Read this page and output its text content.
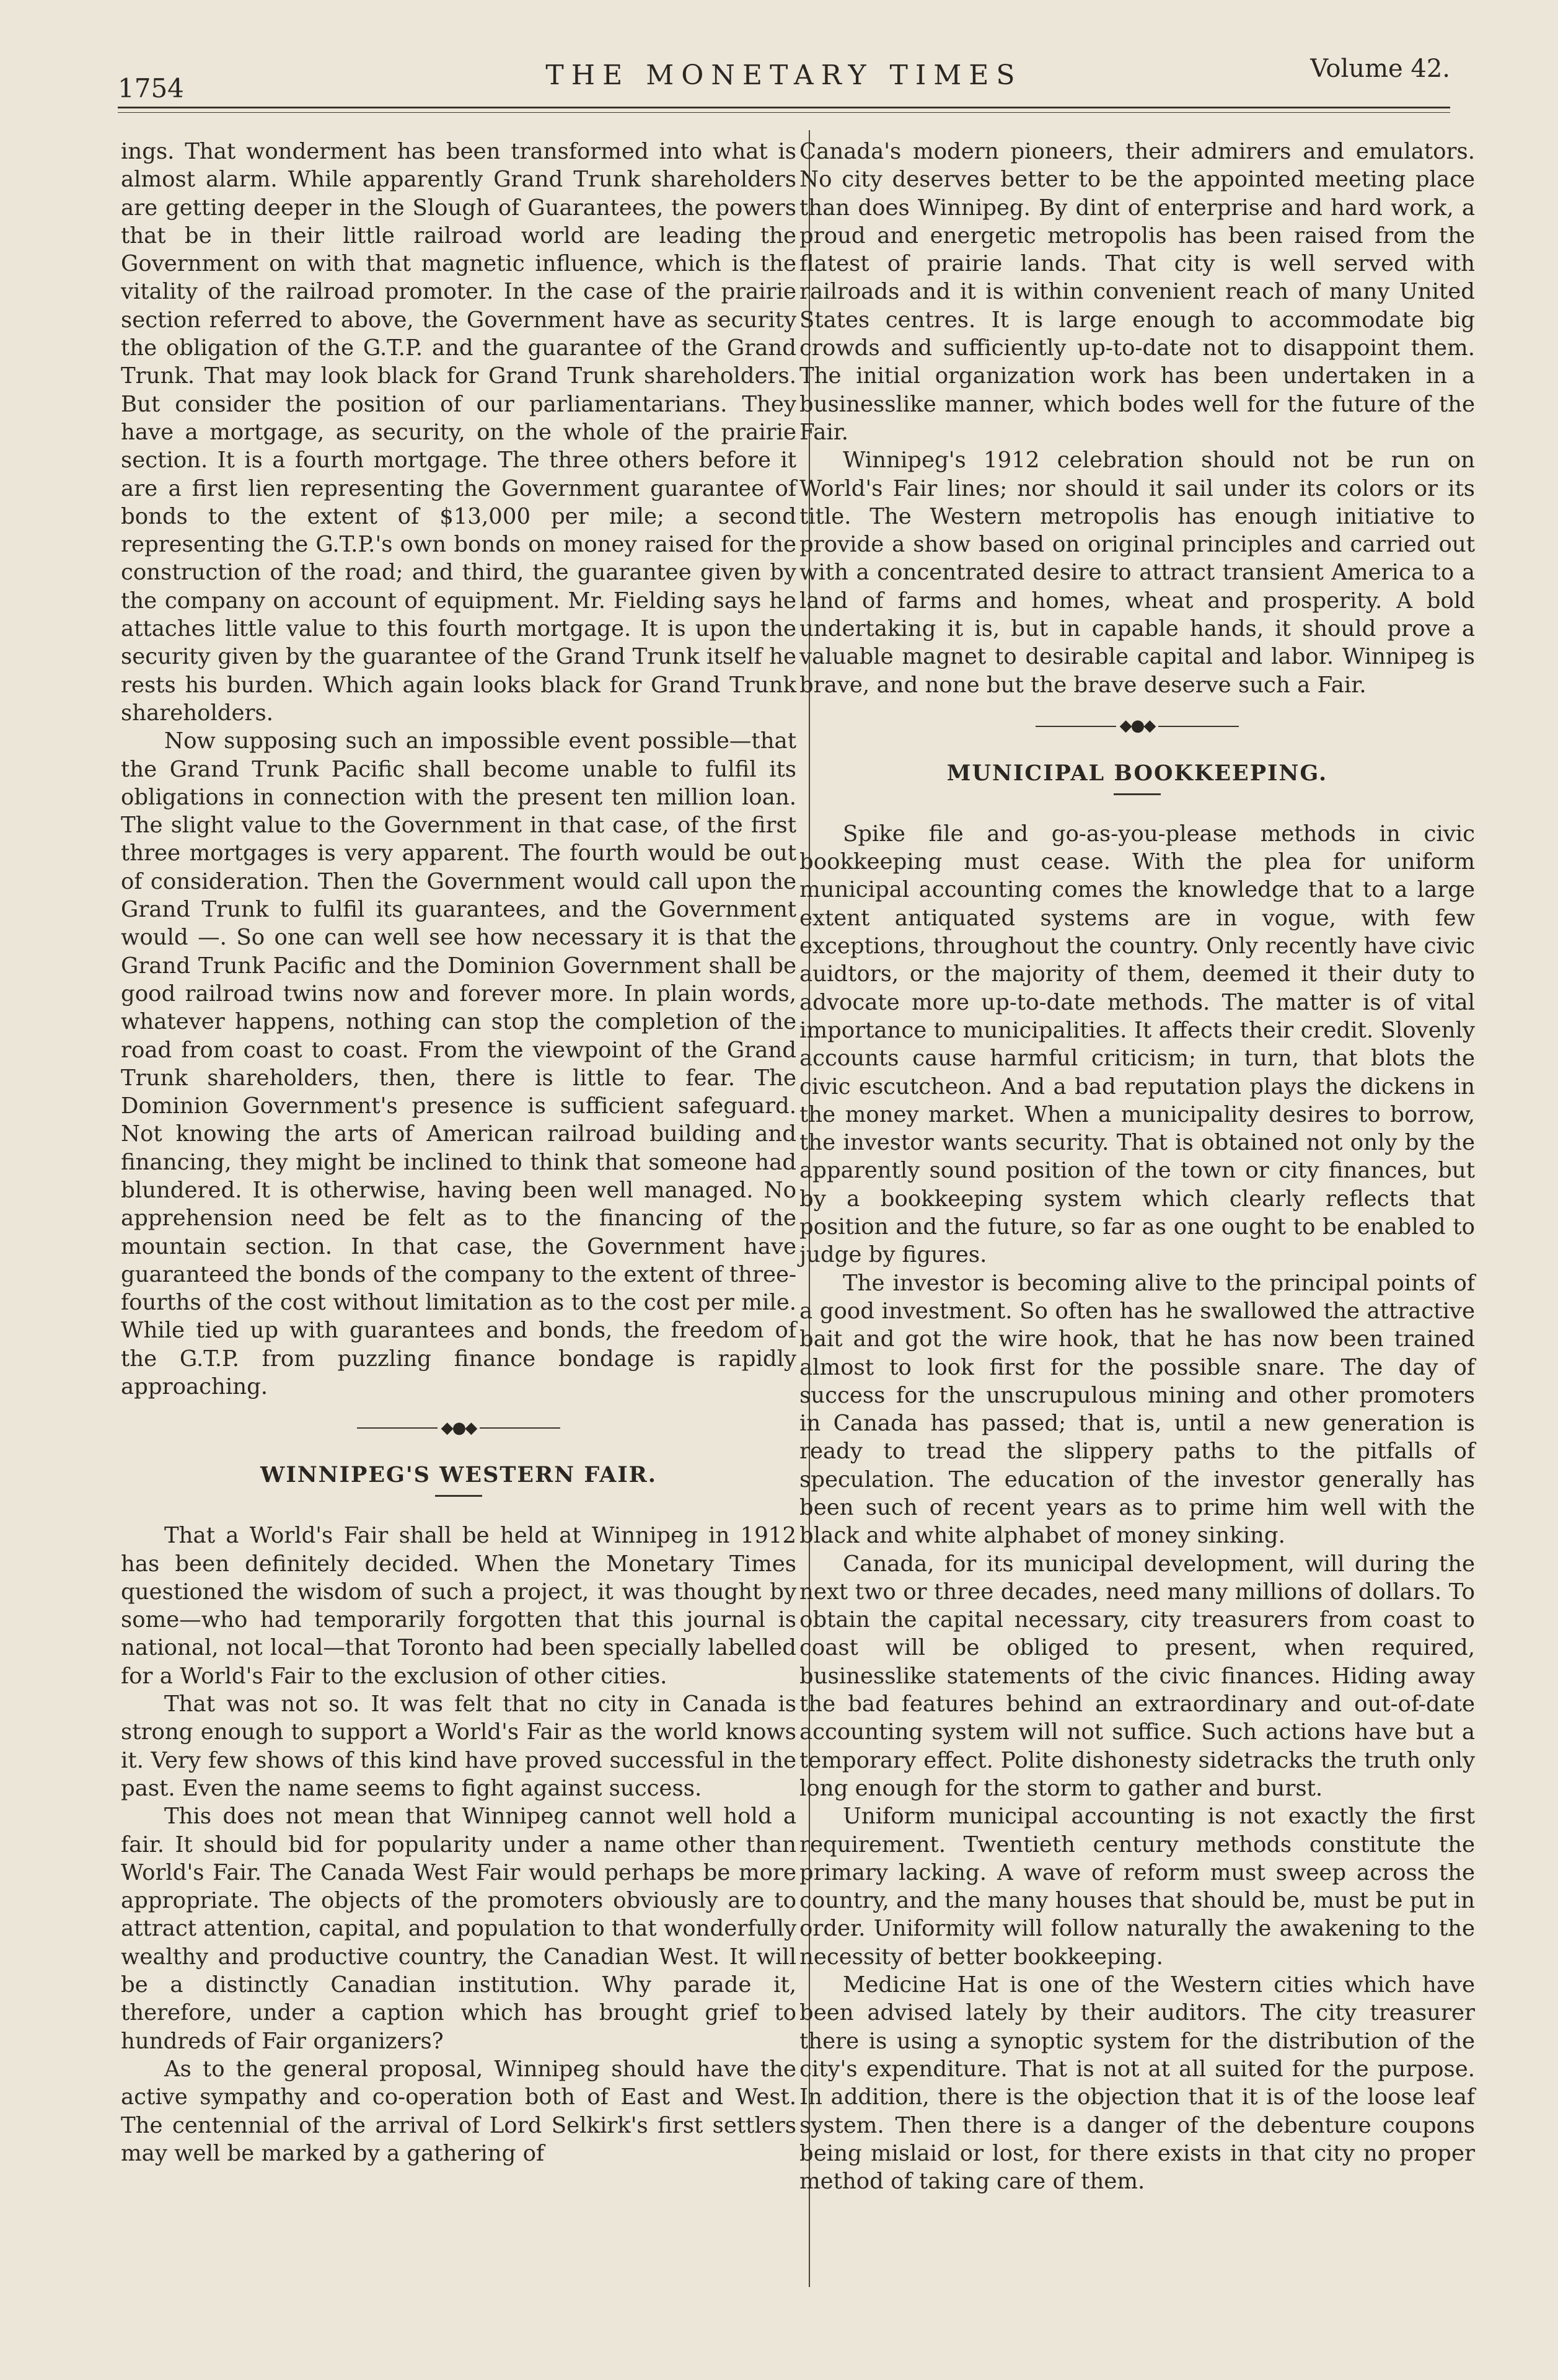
1754	THE MONETARY TIMES	Volume 42.

ings. That wonderment has been transformed into what is almost alarm. While apparently Grand Trunk shareholders are getting deeper in the Slough of Guarantees, the powers that be in their little railroad world are leading the Government on with that magnetic influence, which is the vitality of the railroad promoter. In the case of the prairie section referred to above, the Government have as security the obligation of the G.T.P. and the guarantee of the Grand Trunk. That may look black for Grand Trunk shareholders. But consider the position of our parliamentarians. They have a mortgage, as security, on the whole of the prairie section. It is a fourth mortgage. The three others before it are a first lien representing the Government guarantee of bonds to the extent of $13,000 per mile; a second representing the G.T.P.'s own bonds on money raised for the construction of the road; and third, the guarantee given by the company on account of equipment. Mr. Fielding says he attaches little value to this fourth mortgage. It is upon the security given by the guarantee of the Grand Trunk itself he rests his burden. Which again looks black for Grand Trunk shareholders.

Now supposing such an impossible event possible—that the Grand Trunk Pacific shall become unable to fulfil its obligations in connection with the present ten million loan. The slight value to the Government in that case, of the first three mortgages is very apparent. The fourth would be out of consideration. Then the Government would call upon the Grand Trunk to fulfil its guarantees, and the Government would —. So one can well see how necessary it is that the Grand Trunk Pacific and the Dominion Government shall be good railroad twins now and forever more. In plain words, whatever happens, nothing can stop the completion of the road from coast to coast. From the viewpoint of the Grand Trunk shareholders, then, there is little to fear. The Dominion Government's presence is sufficient safeguard. Not knowing the arts of American railroad building and financing, they might be inclined to think that someone had blundered. It is otherwise, having been well managed. No apprehension need be felt as to the financing of the mountain section. In that case, the Government have guaranteed the bonds of the company to the extent of three-fourths of the cost without limitation as to the cost per mile. While tied up with guarantees and bonds, the freedom of the G.T.P. from puzzling finance bondage is rapidly approaching.

◆●◆
WINNIPEG'S WESTERN FAIR.

That a World's Fair shall be held at Winnipeg in 1912 has been definitely decided. When the Monetary Times questioned the wisdom of such a project, it was thought by some—who had temporarily forgotten that this journal is national, not local—that Toronto had been specially labelled for a World's Fair to the exclusion of other cities.

That was not so. It was felt that no city in Canada is strong enough to support a World's Fair as the world knows it. Very few shows of this kind have proved successful in the past. Even the name seems to fight against success.

This does not mean that Winnipeg cannot well hold a fair. It should bid for popularity under a name other than World's Fair. The Canada West Fair would perhaps be more appropriate. The objects of the promoters obviously are to attract attention, capital, and population to that wonderfully wealthy and productive country, the Canadian West. It will be a distinctly Canadian institution. Why parade it, therefore, under a caption which has brought grief to hundreds of Fair organizers?

As to the general proposal, Winnipeg should have the active sympathy and co-operation both of East and West. The centennial of the arrival of Lord Selkirk's first settlers may well be marked by a gathering of

Canada's modern pioneers, their admirers and emulators. No city deserves better to be the appointed meeting place than does Winnipeg. By dint of enterprise and hard work, a proud and energetic metropolis has been raised from the flatest of prairie lands. That city is well served with railroads and it is within convenient reach of many United States centres. It is large enough to accommodate big crowds and sufficiently up-to-date not to disappoint them. The initial organization work has been undertaken in a businesslike manner, which bodes well for the future of the Fair.

Winnipeg's 1912 celebration should not be run on World's Fair lines; nor should it sail under its colors or its title. The Western metropolis has enough initiative to provide a show based on original principles and carried out with a concentrated desire to attract transient America to a land of farms and homes, wheat and prosperity. A bold undertaking it is, but in capable hands, it should prove a valuable magnet to desirable capital and labor. Winnipeg is brave, and none but the brave deserve such a Fair.

◆●◆
MUNICIPAL BOOKKEEPING.

Spike file and go-as-you-please methods in civic bookkeeping must cease. With the plea for uniform municipal accounting comes the knowledge that to a large extent antiquated systems are in vogue, with few exceptions, throughout the country. Only recently have civic auidtors, or the majority of them, deemed it their duty to advocate more up-to-date methods. The matter is of vital importance to municipalities. It affects their credit. Slovenly accounts cause harmful criticism; in turn, that blots the civic escutcheon. And a bad reputation plays the dickens in the money market. When a municipality desires to borrow, the investor wants security. That is obtained not only by the apparently sound position of the town or city finances, but by a bookkeeping system which clearly reflects that position and the future, so far as one ought to be enabled to judge by figures.

The investor is becoming alive to the principal points of a good investment. So often has he swallowed the attractive bait and got the wire hook, that he has now been trained almost to look first for the possible snare. The day of success for the unscrupulous mining and other promoters in Canada has passed; that is, until a new generation is ready to tread the slippery paths to the pitfalls of speculation. The education of the investor generally has been such of recent years as to prime him well with the black and white alphabet of money sinking.

Canada, for its municipal development, will during the next two or three decades, need many millions of dollars. To obtain the capital necessary, city treasurers from coast to coast will be obliged to present, when required, businesslike statements of the civic finances. Hiding away the bad features behind an extraordinary and out-of-date accounting system will not suffice. Such actions have but a temporary effect. Polite dishonesty sidetracks the truth only long enough for the storm to gather and burst.

Uniform municipal accounting is not exactly the first requirement. Twentieth century methods constitute the primary lacking. A wave of reform must sweep across the country, and the many houses that should be, must be put in order. Uniformity will follow naturally the awakening to the necessity of better bookkeeping.

Medicine Hat is one of the Western cities which have been advised lately by their auditors. The city treasurer there is using a synoptic system for the distribution of the city's expenditure. That is not at all suited for the purpose. In addition, there is the objection that it is of the loose leaf system. Then there is a danger of the debenture coupons being mislaid or lost, for there exists in that city no proper method of taking care of them.
